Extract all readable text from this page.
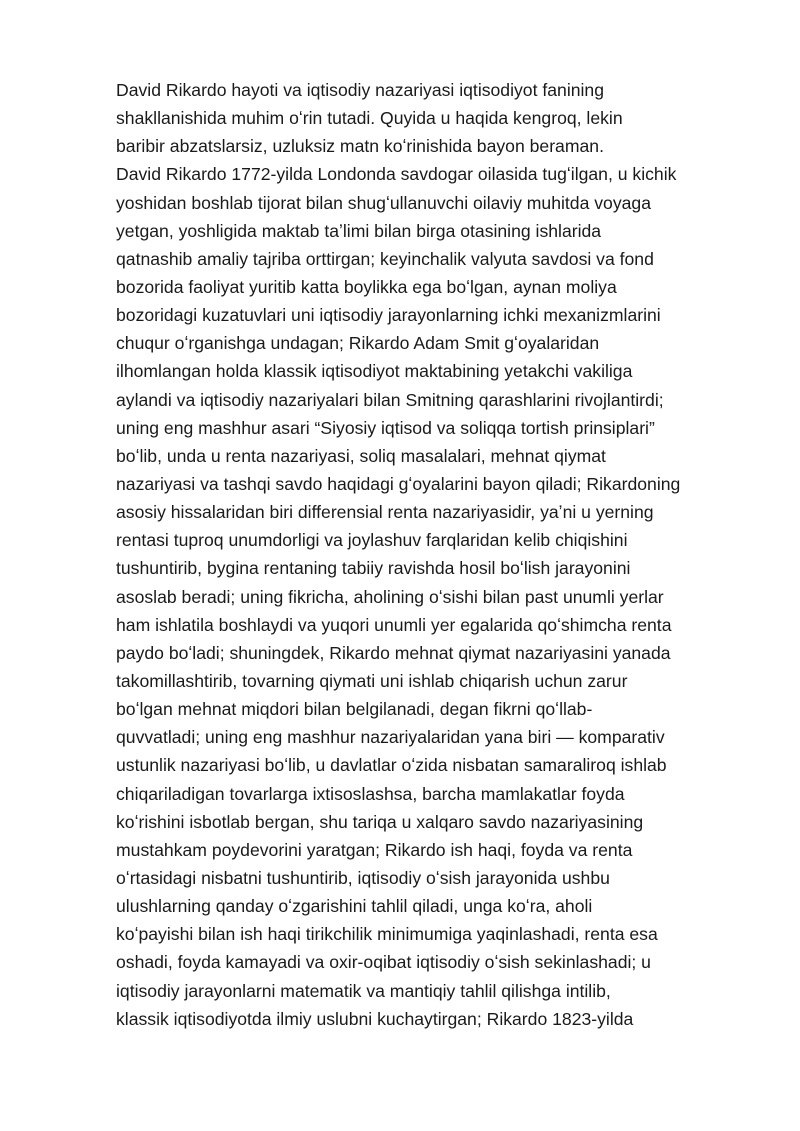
David Rikardo hayoti va iqtisodiy nazariyasi iqtisodiyot fanining
shakllanishida muhim oʻrin tutadi. Quyida u haqida kengroq, lekin
baribir abzatslarsiz, uzluksiz matn koʻrinishida bayon beraman.
David Rikardo 1772-yilda Londonda savdogar oilasida tugʻilgan, u kichik
yoshidan boshlab tijorat bilan shugʻullanuvchi oilaviy muhitda voyaga
yetgan, yoshligida maktab taʼlimi bilan birga otasining ishlarida
qatnashib amaliy tajriba orttirgan; keyinchalik valyuta savdosi va fond
bozorida faoliyat yuritib katta boylikka ega boʻlgan, aynan moliya
bozoridagi kuzatuvlari uni iqtisodiy jarayonlarning ichki mexanizmlarini
chuqur oʻrganishga undagan; Rikardo Adam Smit gʻoyalaridan
ilhomlangan holda klassik iqtisodiyot maktabining yetakchi vakiliga
aylandi va iqtisodiy nazariyalari bilan Smitning qarashlarini rivojlantirdi;
uning eng mashhur asari “Siyosiy iqtisod va soliqqa tortish prinsiplari”
boʻlib, unda u renta nazariyasi, soliq masalalari, mehnat qiymat
nazariyasi va tashqi savdo haqidagi gʻoyalarini bayon qiladi; Rikardoning
asosiy hissalaridan biri differensial renta nazariyasidir, yaʼni u yerning
rentasi tuproq unumdorligi va joylashuv farqlaridan kelib chiqishini
tushuntirib, bygina rentaning tabiiy ravishda hosil boʻlish jarayonini
asoslab beradi; uning fikricha, aholining oʻsishi bilan past unumli yerlar
ham ishlatila boshlaydi va yuqori unumli yer egalarida qoʻshimcha renta
paydo boʻladi; shuningdek, Rikardo mehnat qiymat nazariyasini yanada
takomillashtirib, tovarning qiymati uni ishlab chiqarish uchun zarur
boʻlgan mehnat miqdori bilan belgilanadi, degan fikrni qoʻllab-
quvvatladi; uning eng mashhur nazariyalaridan yana biri — komparativ
ustunlik nazariyasi boʻlib, u davlatlar oʻzida nisbatan samaraliroq ishlab
chiqariladigan tovarlarga ixtisoslashsa, barcha mamlakatlar foyda
koʻrishini isbotlab bergan, shu tariqa u xalqaro savdo nazariyasining
mustahkam poydevorini yaratgan; Rikardo ish haqi, foyda va renta
oʻrtasidagi nisbatni tushuntirib, iqtisodiy oʻsish jarayonida ushbu
ulushlarning qanday oʻzgarishini tahlil qiladi, unga koʻra, aholi
koʻpayishi bilan ish haqi tirikchilik minimumiga yaqinlashadi, renta esa
oshadi, foyda kamayadi va oxir-oqibat iqtisodiy oʻsish sekinlashadi; u
iqtisodiy jarayonlarni matematik va mantiqiy tahlil qilishga intilib,
klassik iqtisodiyotda ilmiy uslubni kuchaytirgan; Rikardo 1823-yilda
